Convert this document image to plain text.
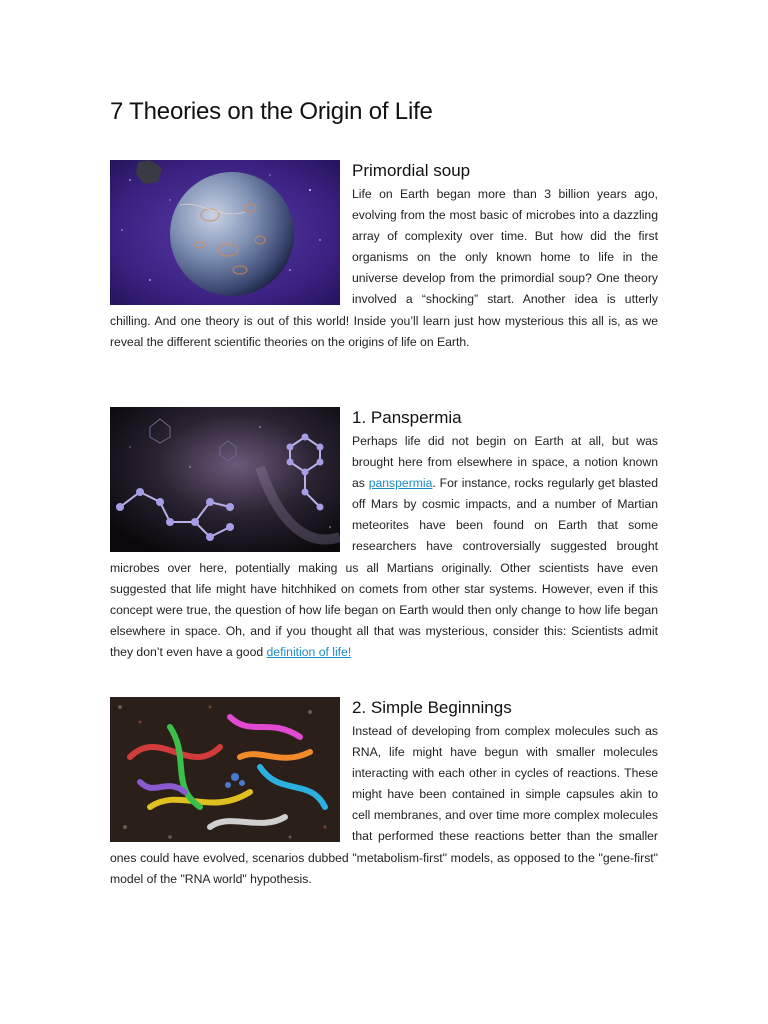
7 Theories on the Origin of Life
Primordial soup

Life on Earth began more than 3 billion years ago, evolving from the most basic of microbes into a dazzling array of complexity over time. But how did the first organisms on the only known home to life in the universe develop from the primordial soup? One theory involved a “shocking” start. Another idea is utterly chilling. And one theory is out of this world! Inside you’ll learn just how mysterious this all is, as we reveal the different scientific theories on the origins of life on Earth.

1. Panspermia

Perhaps life did not begin on Earth at all, but was brought here from elsewhere in space, a notion known as panspermia. For instance, rocks regularly get blasted off Mars by cosmic impacts, and a number of Martian meteorites have been found on Earth that some researchers have controversially suggested brought microbes over here, potentially making us all Martians originally. Other scientists have even suggested that life might have hitchhiked on comets from other star systems. However, even if this concept were true, the question of how life began on Earth would then only change to how life began elsewhere in space. Oh, and if you thought all that was mysterious, consider this: Scientists admit they don’t even have a good definition of life!

2. Simple Beginnings

Instead of developing from complex molecules such as RNA, life might have begun with smaller molecules interacting with each other in cycles of reactions. These might have been contained in simple capsules akin to cell membranes, and over time more complex molecules that performed these reactions better than the smaller ones could have evolved, scenarios dubbed "metabolism-first" models, as opposed to the "gene-first" model of the "RNA world" hypothesis.
